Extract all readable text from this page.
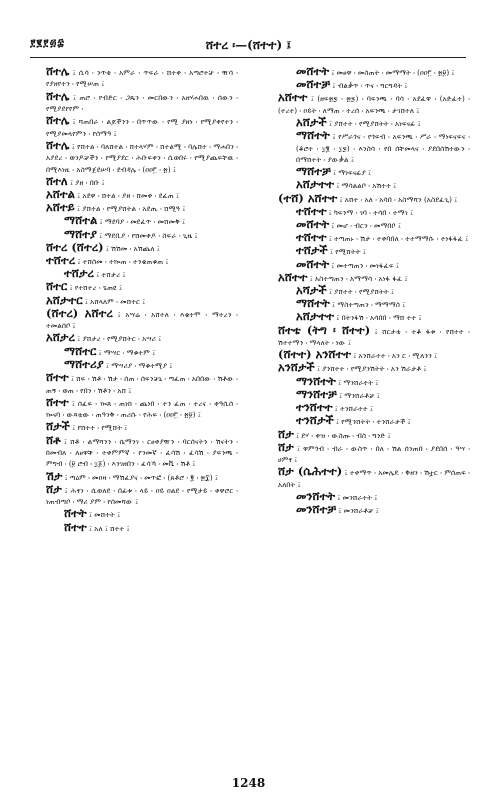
፻፪፻፴፰	ሸተረ ፡—(ሸተተ) ፤
ሸተሌ ፤ ሲሳ ፡ ንጥቂ ፡ አምራ ፡ ጥፍራ ፡ ሸተቀ ፡ አጣሮተቻ ፡ ዥሳ ፡ የያዘየተን ፡ የሚሠጠ ፤
ሸተሌ ፤ ጠሮ ፡ የብድር ፡ ጋጼን ፡ መርበውን ፡ አዘሃሐበዉ ፡ ሰውን ፡ የሚያደየየም ፡
ሸተሌ ፤ ሻጠበራ ፡ ልጆችንን ፡ በጥጥው ፡ የሚ ያዘነ ፡ የሚያቀየተን ፡ የሚያመላየምን ፡ የሰማዓ ፤
ሸተሌ ፤ የሸተል ፡ ባለሸተል ፡ ሸተላሃም ፡ ሸተልሚ ፡ ባሌሸተ ፡ ማሐበን ፡ አያደረ ፡ ወንዶቻችን ፡ የሚያደር ፡ ሕቡፍቀን ፡ ሲወበሩ ፡ የሚያጨፍቸዉ ፡ በሚእነዚ ፡ አስማጀደሠባ ፡ ደብዳሌ ፡ (ዐዐ፫ ፡ ፳) ፤
ሸተለ ፤ ያዘ ፡ በቡ ፤
አሸተል ፤ አደዋ ፡ ሸተል ፡ ያዘ ፡ ሸመቀ ፡ ደፈጠ ፤
አሸተይ ፤ ያሸተል ፡ የሚያሸትል ፡ አደጢ ፡ ሸሚዓ ፤
ማሸተል ፤ ማደባያ ፡ መደፈጥ ፡ መሸመቅ ፤
ማሸተያ ፤ ማደቢያ ፡ የሸመቀዶ ፡ ስፍራ ፡ ጊዜ ፤
ሸተረ (ሸተረ) ፤ ሽሽመ ፡ አሽጨለ ፤
ተሸተረ ፤ ተሸሰመ ፡ ተኰጠ ፡ ተንቄጠቁጠ ፤
ተሸታረ ፤ ተሸታረ ፤
ሸተር ፤ የተሸተረ ፡ ጌጠዩ ፤
አሸታተር ፤ አሸላለም ፡ መሸተር ፤
(ሸተረ) አሸተረ ፤ አሣሬ ፡ አሸተለ ፡ እቄተሞ ፡ ማተረን ፡ ተመልሰቦ ፤
አሸታረ ፤ ያሸታረ ፡ የሚያሸትር ፡ አሣሪ ፤
ማሸተር ፤ ማሣር ፡ ማቁተም ፤
ማሸተሪያ ፤ ማሣሪያ ፡ ማቁተሚያ ፤
ሸተተ ፤ ሸፍ ፡ ሽቶ ፡ ሽታ ፡ ሰጠ ፡ ሰፍንቻኒ ፡ ጣፈጠ ፡ አበበው ፡ ሽቶው ፡ ጠኝ ፡ ወጠ ፡ የበን ፡ ሽቶን ፡ አሸ ፤
ሸተተ ፤ ሰፈፍ ፡ ኰጸ ፡ ጠነከ ፡ ጨነበ ፡ ተን ፈጠ ፡ ተረና ፡ ቀዓሲሰ ፡ ኰናባ ፡ ውጻቴው ፡ ጠዓንቅ ፡ ጠሪሱ ፡ የሕፍ ፡ (ዐዐ፫ ፡ ፳፱) ፤
ሸታች ፤ የሸተተ ፡ የሚሸት ፤
ሸቶ ፤ ሸቶ ፡ ልማሻንን ፡ ሴማንገ ፡ ርፀቀያዥን ፡ ባርሰናትን ፡ ሽናትን ፡ ከመብለ ፡ ለፀዋቹ ፡ ተቀምምኛ ፡ የንመኛ ፡ ፈሳሽ ፡ ፈሳሽ ፡ ያፍንጫ ፡ ምግብ ፡ (፱ ሮብ ፡ ፲፩) ፡ እንገዘበን ፡ ፈሳኻ ፡ መቬ ፡ ሽቶ ፤
ሽታ ፤ ጣዕም ፡ መዐዛ ፡ ማሽፈያና ፡ መጥፎ ፡ (ጰቶሮ ፡ ፪ ፡ ፳፰) ፤
ሸታ ፤ ሕፃን ፡ ሲወለደ ፡ በፊቱ ፡ ላይ ፡ ዐይ ዐልደ ፡ የሚታይ ፡ ቀዋሮር ፡ ነጠብጣቦ ፡ ማሪ ያም ፡ የሰመሻው ፤
ሸተት ፤ መሸተት ፤
ሸተተ ፤ አለ ፤ ሸተተ ፤
መሸተት ፤ መፀዋ ፡ መስጠት ፡ መማማት ፡ (ዐዐ፫ ፡ ፳፱) ፤
መሸተቻ ፤ ብልቃጥ ፡ ጥና ፡ ግርግዳት ፤
አሸተተ ፤ (ዘፍ፳፯ ፡ ፳፯) ፡ ባፍንጫ ፡ ባሳ ፡ አደፈዋ ፡ (አድፈተ) ፡ (ተረተ) ፡ ዐይት ፡ ለማጠ ፡ ተረሰ ፡ አፍንጫ ፡ ታገሸተለ ፤
አሸታች ፤ ያሸተተ ፡ የሚያሸትት ፡ አነፍናፊ ፤
ማሸተት ፤ የሥራጎና ፡ የጎፍብ ፡ አፍንጫ ፡ ሥራ ፡ ማነፍናፍና ፡ (ቆሮተ ፡ ፲፪ ፡ ፲፯) ፡ እንስሳ ፡ የበ ሰቸመላና ፡ ያደበሰሽተውን ፡ በማሸተት ፡ ያውቃል ፤
ማሸተቻ ፤ ማነፍናፊያ ፤
አሸታተተ ፤ ማሳልልቦ ፡ አሽተተ ፤
(ተሸ) አሸተተ ፤ አሸተ ፡ አለ ፡ አሳበ ፡ አስማሻን (አስደፈጊ) ፤
ተሸተተ ፤ ካፍንማ ፡ ገባ ፡ ተሳበ ፡ ተማገ ፤
መሸተት ፤ መሆ ፡ ብርን ፡ መማበቦ ፤
ተሸተተ ፤ ተጣጠኑ ፡ ሽታ ፡ ተቀባበለ ፡ ተተማማሱ ፡ ተነፋፋፈ ፤
ተሸታች ፤ የሚሸትት ፤
መሸተት ፤ መተጣጠን ፡ መነፋፈፍ ፤
አሸተተ ፤ አስተጣጠን ፡ አማማሳ ፡ አነፋ ፋፈ ፤
አሻታች ፤ ያሸተተ ፡ የሚያሸትት ፤
ማሸተት ፤ ማስተጣጠን ፡ ማማማስ ፤
አሸታተተ ፤ በትንፋሽ ፡ አሳበበ ፡ ማሸ ተተ ፤
ሸተቴ (ትግ ፡ ሸተተ) ፤ ሸርታቴ ፡ ተቆ ፋቱ ፡ የሸተተ ፡ ሽተተማን ፡ ማላለት ፡ ነው ፤
(ሸተተ) አንሸተተ ፤ አንሸራተተ ፡ አን ር ፡ ሚለንን ፤
አንሸታች ፤ ያንሸተተ ፡ የሚያንሽትት ፡ አን ሽራታቶ ፤
ማንሸተት ፤ ማንሸራተት ፤
ማንሸተቻ ፤ ማንሸራቶቻ ፤
ተንሸተተ ፤ ተንሸራተተ ፤
ተንሸታች ፤ የሚንሸትት ፡ ተንሸራታች ፤
ሸታ ፤ ደሃ ፡ ቀዝ ፡ ውስጡ ፡ ብስ ፡ ግንድ ፤
ሸታ ፤ ዋምጎብ ፡ ብራ ፡ ውስጥ ፡ በለ ፡ ሽል ሰንጠበ ፡ ያደበሰ ፡ ዓሣ ፡ ሀምፃ ፤
ሸታ (ሴሕተተ) ፤ ተቀማጥ ፡ አመሌዴ ፡ ቅዘን ፡ ሽቷር ፡ ምሰጠፍ ፡ አለበት ፤
መንሸተት ፤ መንሸራተት ፤
መንሸተቻ ፤ መንሸራቶቻ ፤
1248
